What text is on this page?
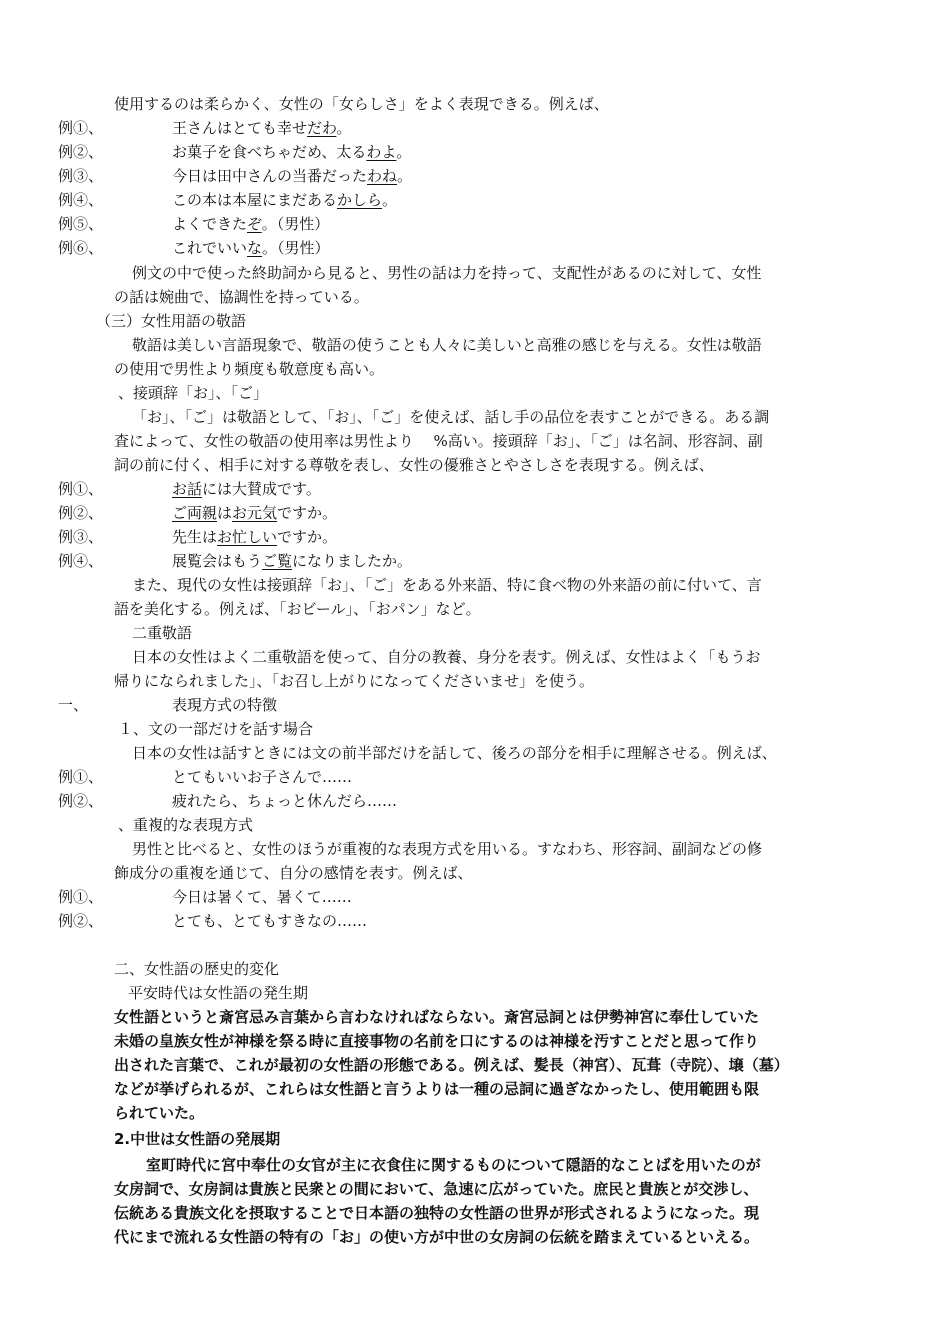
使用するのは柔らかく、女性の「女らしさ」をよく表現できる。例えば、
例①、	王さんはとても幸せだわ。
例②、	お菓子を食べちゃだめ、太るわよ。
例③、	今日は田中さんの当番だったわね。
例④、	この本は本屋にまだあるかしら。
例⑤、	よくできたぞ。（男性）
例⑥、	これでいいな。（男性）
例文の中で使った終助詞から見ると、男性の話は力を持って、支配性があるのに対して、女性
の話は婉曲で、協調性を持っている。
（三）女性用語の敬語
敬語は美しい言語現象で、敬語の使うことも人々に美しいと高雅の感じを与える。女性は敬語
の使用で男性より頻度も敬意度も高い。
、接頭辞「お」、「ご」
「お」、「ご」は敬語として、「お」、「ご」を使えば、話し手の品位を表すことができる。ある調
査によって、女性の敬語の使用率は男性より　 %高い。接頭辞「お」、「ご」は名詞、形容詞、副
詞の前に付く、相手に対する尊敬を表し、女性の優雅さとやさしさを表現する。例えば、
例①、	お話には大賛成です。
例②、	ご両親はお元気ですか。
例③、	先生はお忙しいですか。
例④、	展覧会はもうご覧になりましたか。
また、現代の女性は接頭辞「お」、「ご」をある外来語、特に食べ物の外来語の前に付いて、言
語を美化する。例えば、「おビール」、「おパン」など。
二重敬語
日本の女性はよく二重敬語を使って、自分の教養、身分を表す。例えば、女性はよく「もうお
帰りになられました」、「お召し上がりになってくださいませ」を使う。
一、	表現方式の特徴
１、文の一部だけを話す場合
日本の女性は話すときには文の前半部だけを話して、後ろの部分を相手に理解させる。例えば、
例①、	とてもいいお子さんで……
例②、	疲れたら、ちょっと休んだら……
、重複的な表現方式
男性と比べると、女性のほうが重複的な表現方式を用いる。すなわち、形容詞、副詞などの修
飾成分の重複を通じて、自分の感情を表す。例えば、
例①、	今日は暑くて、暑くて……
例②、	とても、とてもすきなの……
二、女性語の歴史的変化
平安時代は女性語の発生期
女性語というと斎宮忌み言葉から言わなければならない。斎宮忌詞とは伊勢神宮に奉仕していた
未婚の皇族女性が神様を祭る時に直接事物の名前を口にするのは神様を汚すことだと思って作り
出された言葉で、これが最初の女性語の形態である。例えば、髪長（神宮）、瓦葺（寺院）、壌（墓）
などが挙げられるが、これらは女性語と言うよりは一種の忌詞に過ぎなかったし、使用範囲も限
られていた。
2.中世は女性語の発展期
室町時代に宮中奉仕の女官が主に衣食住に関するものについて隠語的なことばを用いたのが
女房詞で、女房詞は貴族と民衆との間において、急速に広がっていた。庶民と貴族とが交渉し、
伝統ある貴族文化を摂取することで日本語の独特の女性語の世界が形式されるようになった。現
代にまで流れる女性語の特有の「お」の使い方が中世の女房詞の伝統を踏まえているといえる。
